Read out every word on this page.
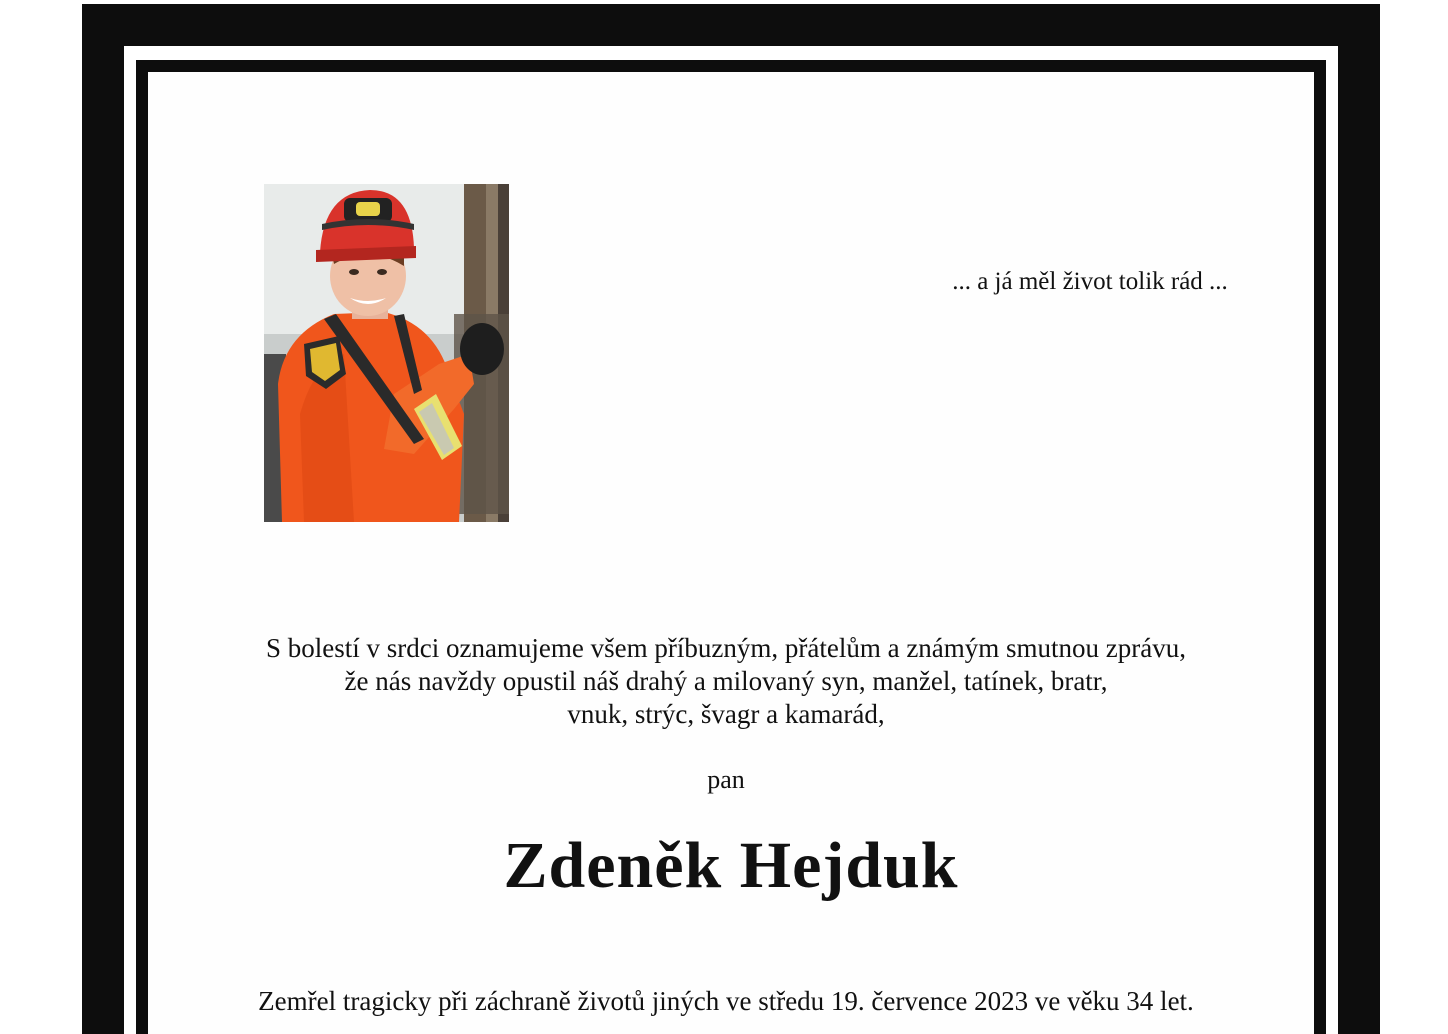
... a já měl život tolik rád ...
S bolestí v srdci oznamujeme všem příbuzným, přátelům a známým smutnou zprávu,
že nás navždy opustil náš drahý a milovaný syn, manžel, tatínek, bratr,
vnuk, strýc, švagr a kamarád,
pan
Zdeněk Hejduk
Zemřel tragicky při záchraně životů jiných ve středu 19. července 2023 ve věku 34 let.
